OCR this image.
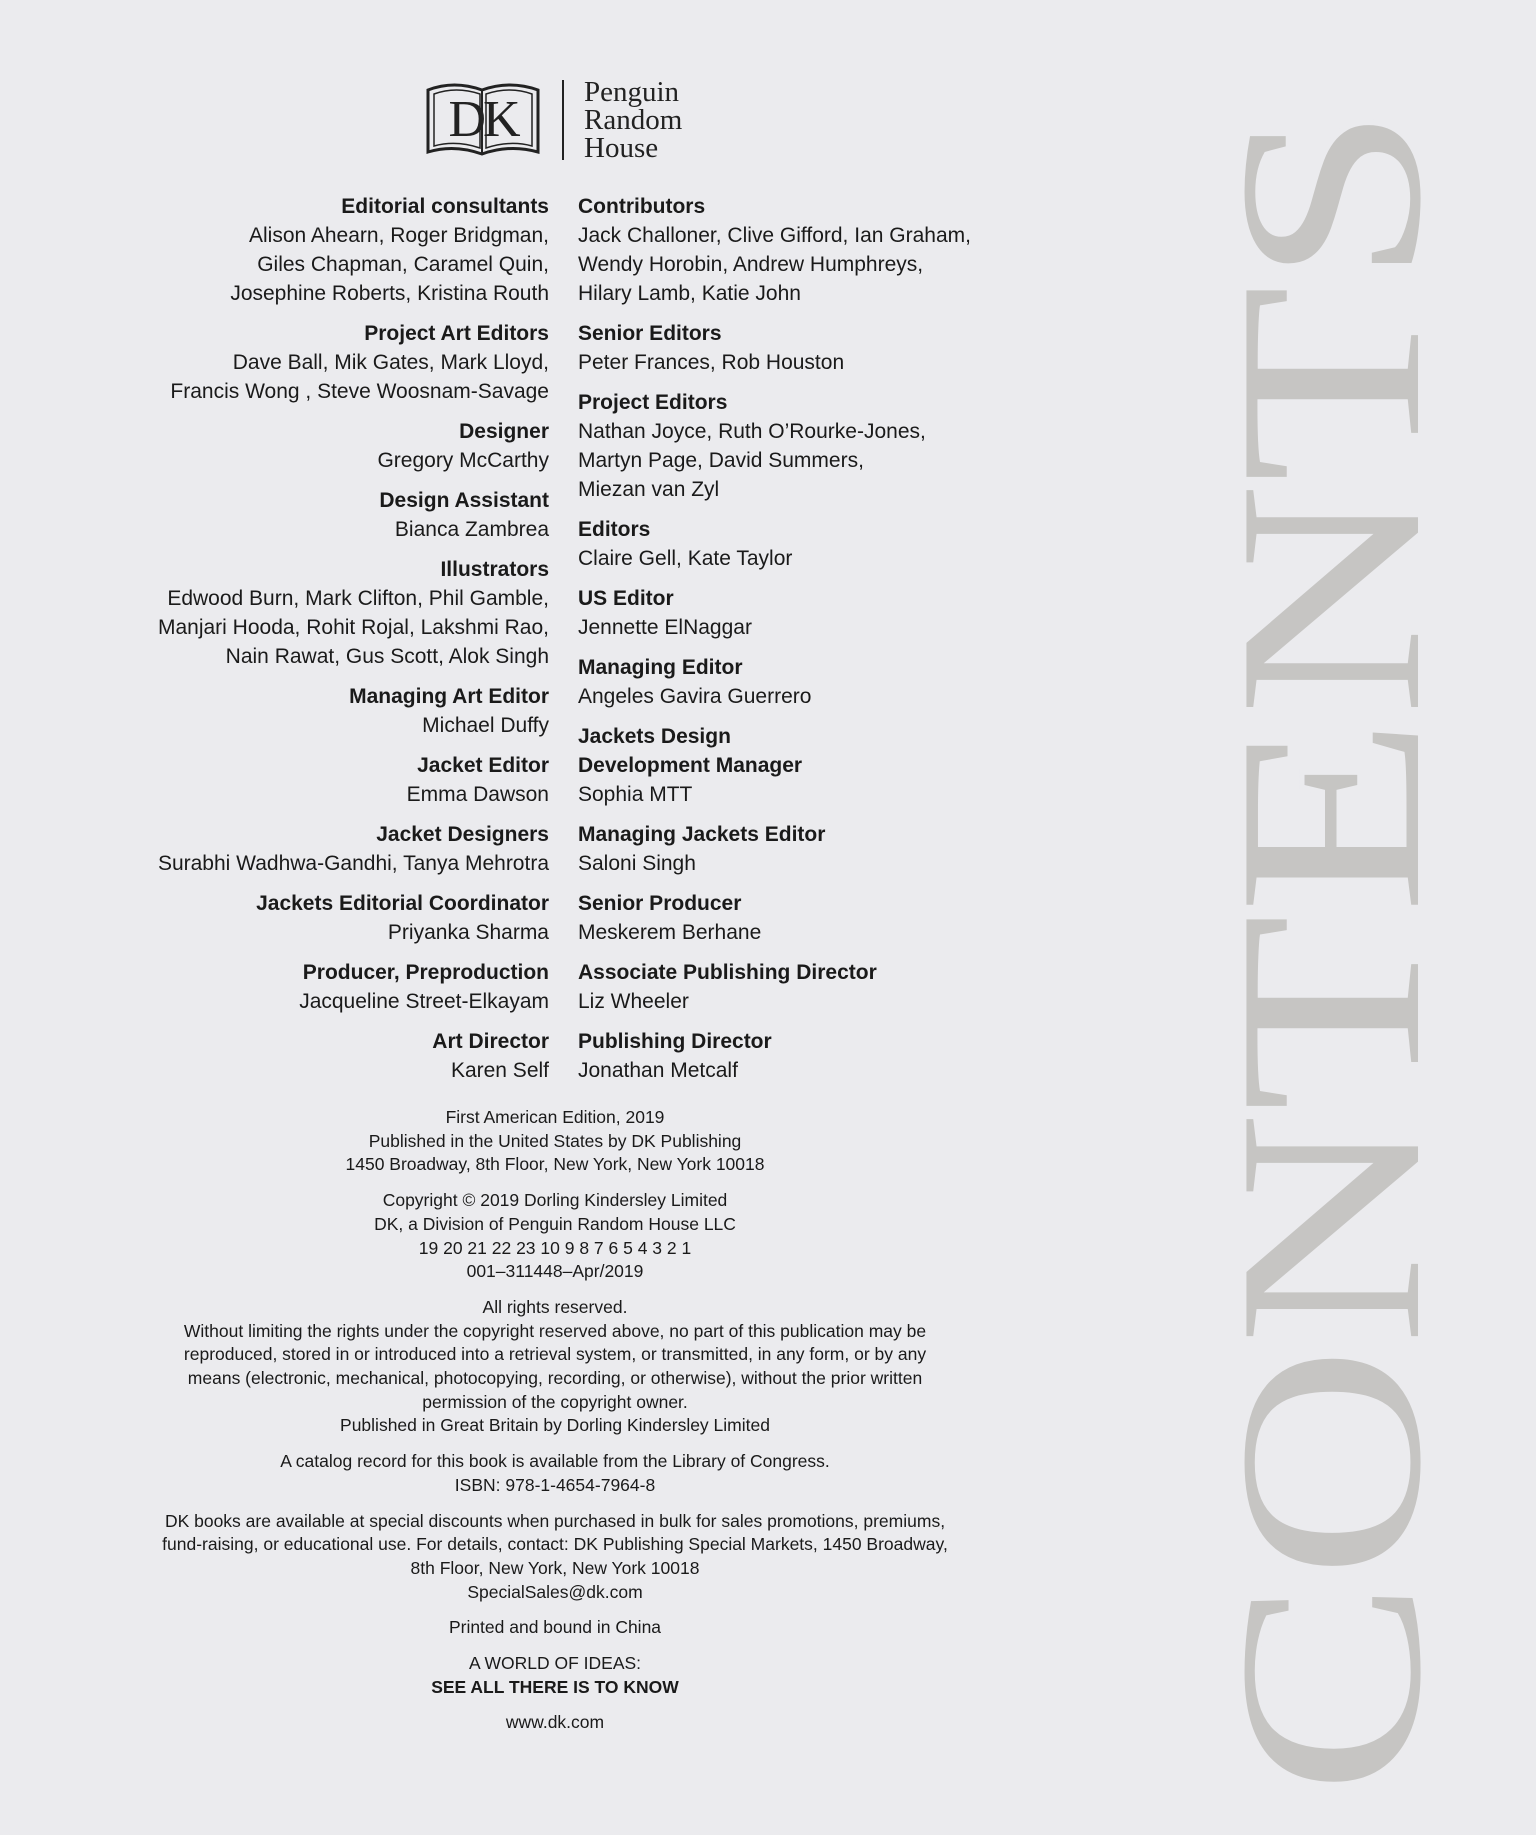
DK Penguin
Random
House
Editorial consultants
Alison Ahearn, Roger Bridgman,
Giles Chapman, Caramel Quin,
Josephine Roberts, Kristina Routh
Project Art Editors
Dave Ball, Mik Gates, Mark Lloyd,
Francis Wong , Steve Woosnam-Savage
Designer
Gregory McCarthy
Design Assistant
Bianca Zambrea
Illustrators
Edwood Burn, Mark Clifton, Phil Gamble,
Manjari Hooda, Rohit Rojal, Lakshmi Rao,
Nain Rawat, Gus Scott, Alok Singh
Managing Art Editor
Michael Duffy
Jacket Editor
Emma Dawson
Jacket Designers
Surabhi Wadhwa-Gandhi, Tanya Mehrotra
Jackets Editorial Coordinator
Priyanka Sharma
Producer, Preproduction
Jacqueline Street-Elkayam
Art Director
Karen Self
Contributors
Jack Challoner, Clive Gifford, Ian Graham,
Wendy Horobin, Andrew Humphreys,
Hilary Lamb, Katie John
Senior Editors
Peter Frances, Rob Houston
Project Editors
Nathan Joyce, Ruth O’Rourke-Jones,
Martyn Page, David Summers,
Miezan van Zyl
Editors
Claire Gell, Kate Taylor
US Editor
Jennette ElNaggar
Managing Editor
Angeles Gavira Guerrero
Jackets Design
Development Manager
Sophia MTT
Managing Jackets Editor
Saloni Singh
Senior Producer
Meskerem Berhane
Associate Publishing Director
Liz Wheeler
Publishing Director
Jonathan Metcalf
First American Edition, 2019
Published in the United States by DK Publishing
1450 Broadway, 8th Floor, New York, New York 10018
Copyright © 2019 Dorling Kindersley Limited
DK, a Division of Penguin Random House LLC
19 20 21 22 23 10 9 8 7 6 5 4 3 2 1
001–311448–Apr/2019
All rights reserved.
Without limiting the rights under the copyright reserved above, no part of this publication may be
reproduced, stored in or introduced into a retrieval system, or transmitted, in any form, or by any
means (electronic, mechanical, photocopying, recording, or otherwise), without the prior written
permission of the copyright owner.
Published in Great Britain by Dorling Kindersley Limited
A catalog record for this book is available from the Library of Congress.
ISBN: 978-1-4654-7964-8
DK books are available at special discounts when purchased in bulk for sales promotions, premiums,
fund-raising, or educational use. For details, contact: DK Publishing Special Markets, 1450 Broadway,
8th Floor, New York, New York 10018
SpecialSales@dk.com
Printed and bound in China
A WORLD OF IDEAS:
SEE ALL THERE IS TO KNOW
www.dk.com	CONTENTS
